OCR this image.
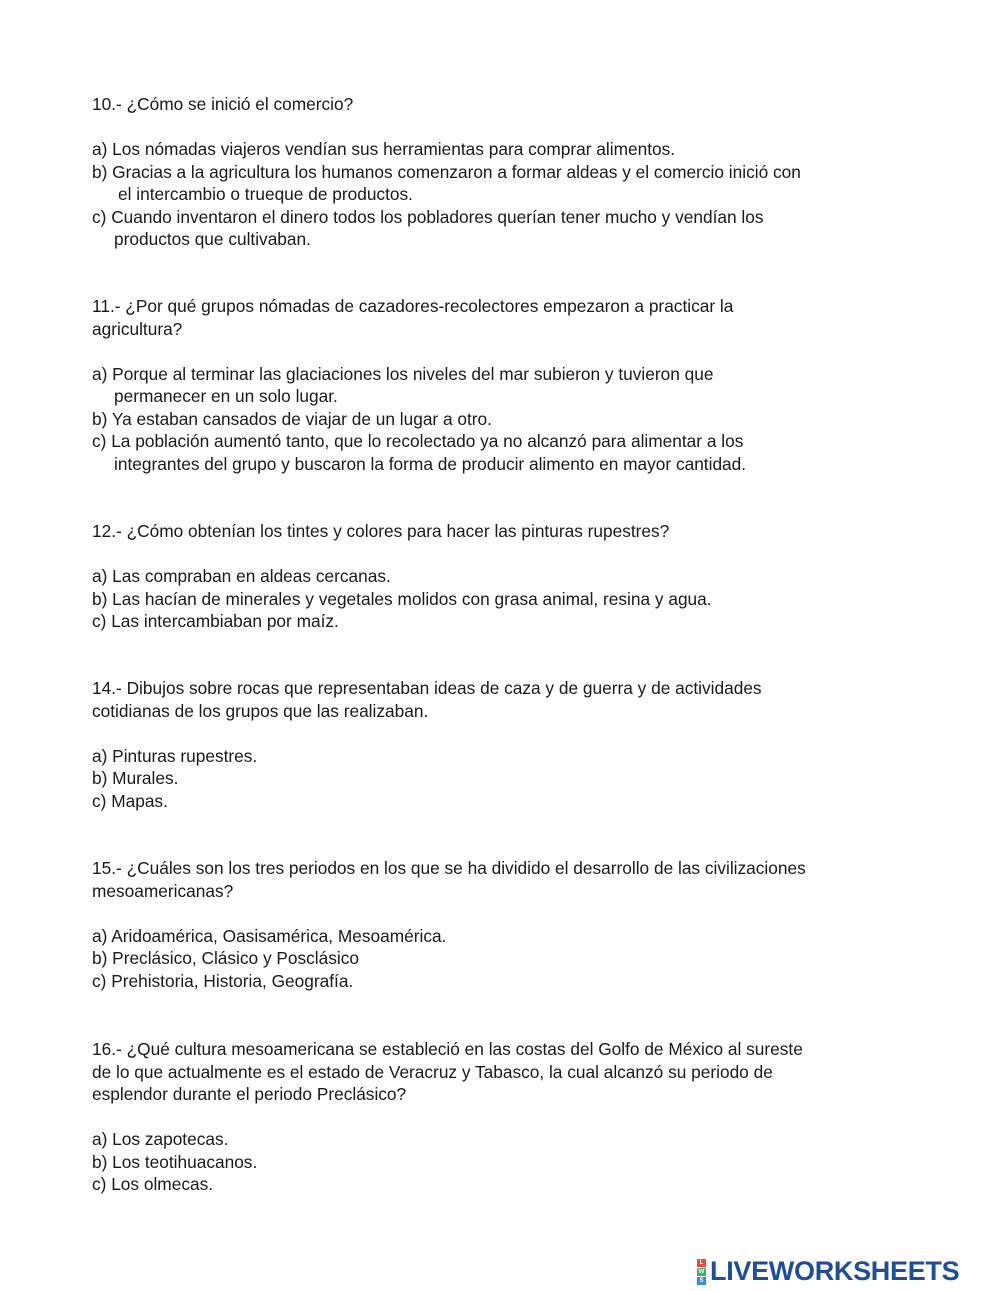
10.- ¿Cómo se inició el comercio?

a) Los nómadas viajeros vendían sus herramientas para comprar alimentos.

b) Gracias a la agricultura los humanos comenzaron a formar aldeas y el comercio inició con
el intercambio o trueque de productos.

c) Cuando inventaron el dinero todos los pobladores querían tener mucho y vendían los
productos que cultivaban.

11.- ¿Por qué grupos nómadas de cazadores-recolectores empezaron a practicar la
agricultura?

a) Porque al terminar las glaciaciones los niveles del mar subieron y tuvieron que
permanecer en un solo lugar.

b) Ya estaban cansados de viajar de un lugar a otro.

c) La población aumentó tanto, que lo recolectado ya no alcanzó para alimentar a los
integrantes del grupo y buscaron la forma de producir alimento en mayor cantidad.

12.- ¿Cómo obtenían los tintes y colores para hacer las pinturas rupestres?

a) Las compraban en aldeas cercanas.

b) Las hacían de minerales y vegetales molidos con grasa animal, resina y agua.

c) Las intercambiaban por maíz.

14.- Dibujos sobre rocas que representaban ideas de caza y de guerra y de actividades
cotidianas de los grupos que las realizaban.

a) Pinturas rupestres.

b) Murales.

c) Mapas.

15.- ¿Cuáles son los tres periodos en los que se ha dividido el desarrollo de las civilizaciones
mesoamericanas?

a) Aridoamérica, Oasisamérica, Mesoamérica.

b) Preclásico, Clásico y Posclásico

c) Prehistoria, Historia, Geografía.

16.- ¿Qué cultura mesoamericana se estableció en las costas del Golfo de México al sureste
de lo que actualmente es el estado de Veracruz y Tabasco, la cual alcanzó su periodo de
esplendor durante el periodo Preclásico?

a) Los zapotecas.

b) Los teotihuacanos.

c) Los olmecas.

L
W
S LIVEWORKSHEETS
